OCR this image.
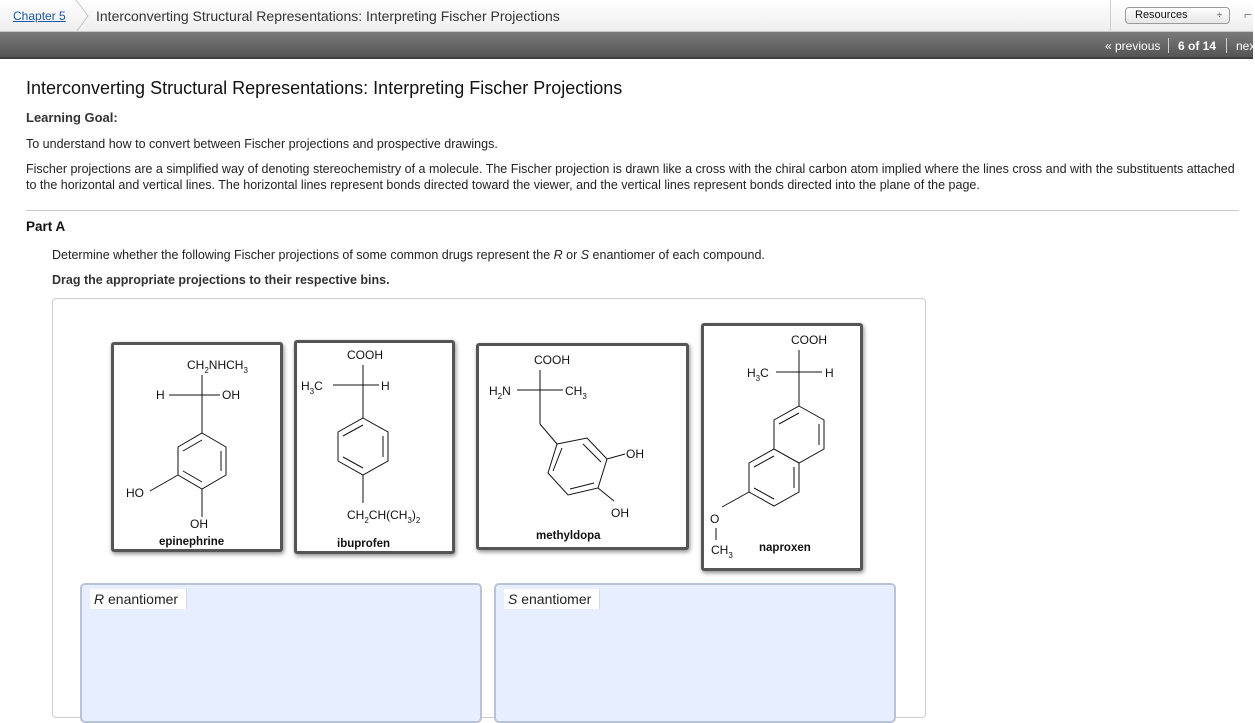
Chapter 5 Interconverting Structural Representations: Interpreting Fischer Projections	Resources	÷ ⌐
« previous 6 of 14 nex
Interconverting Structural Representations: Interpreting Fischer Projections
Learning Goal:
To understand how to convert between Fischer projections and prospective drawings.
Fischer projections are a simplified way of denoting stereochemistry of a molecule. The Fischer projection is drawn like a cross with the chiral carbon atom implied where the lines cross and with the substituents attached to the horizontal and vertical lines. The horizontal lines represent bonds directed toward the viewer, and the vertical lines represent bonds directed into the plane of the page.
Part A
Determine whether the following Fischer projections of some common drugs represent the R or S enantiomer of each compound.
Drag the appropriate projections to their respective bins.
$CH_2NHCH_3$
H	OH
HO
OH
epinephrine
COOH
$H_3C$	H
$CH_2CH(CH_3)_2$
ibuprofen
COOH
$H_2N$	$CH_3$
OH
OH
methyldopa
COOH
$H_3C$	H
O
$CH_3$
naproxen
R enantiomer	S enantiomer
